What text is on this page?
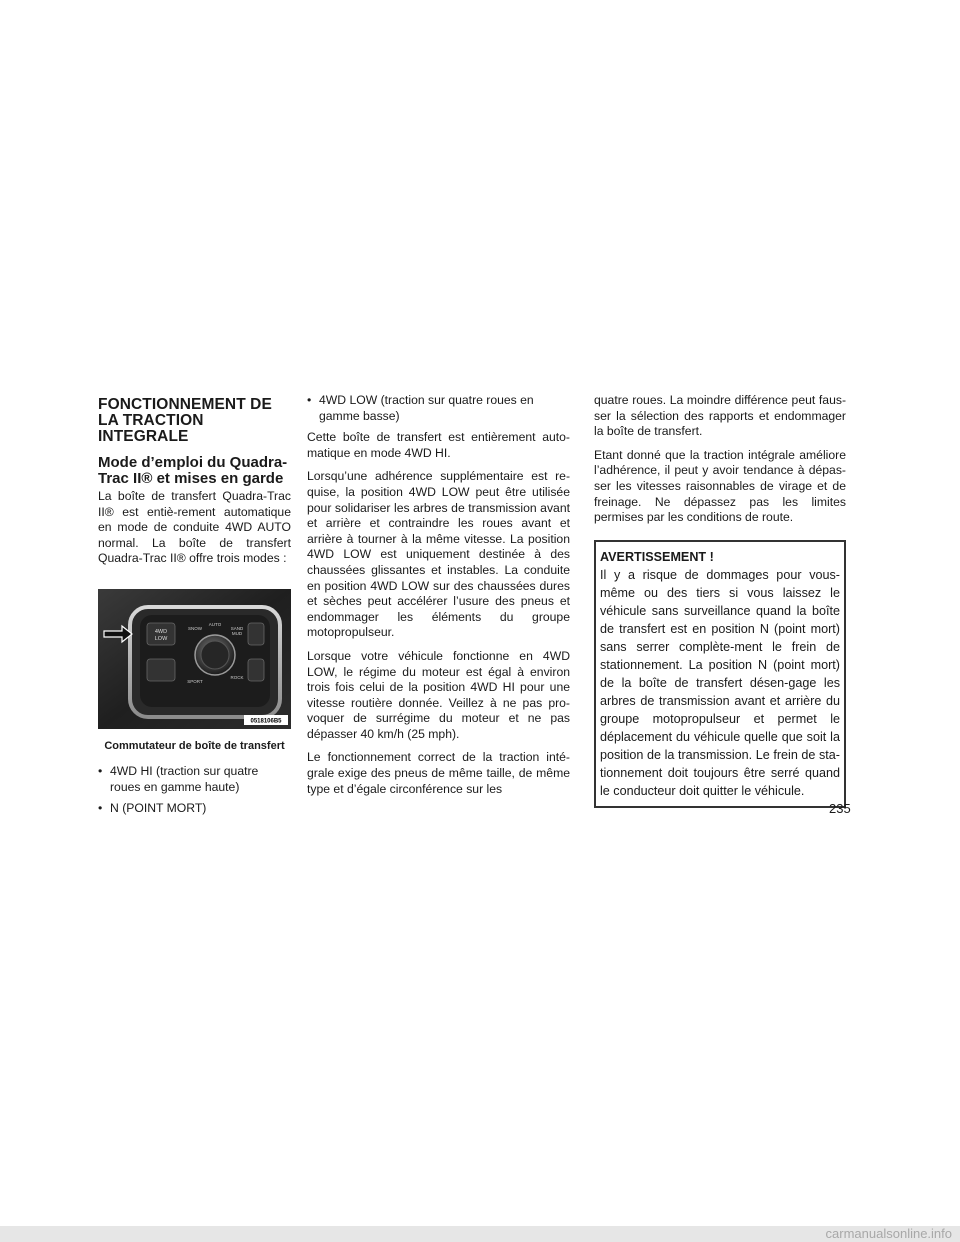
FONCTIONNEMENT DE LA TRACTION INTEGRALE
Mode d’emploi du Quadra-Trac II® et mises en garde

La boîte de transfert Quadra-Trac II® est entiè-rement automatique en mode de conduite 4WD AUTO normal. La boîte de transfert Quadra-Trac II® offre trois modes :

4WD
LOW
SNOW
AUTO
SAND
MUD
SPORT
ROCK
0518106B5
Commutateur de boîte de transfert
• 4WD HI (traction sur quatre roues en gamme haute)
• N (POINT MORT)
• 4WD LOW (traction sur quatre roues en gamme basse)

Cette boîte de transfert est entièrement auto-matique en mode 4WD HI.

Lorsqu’une adhérence supplémentaire est re-quise, la position 4WD LOW peut être utilisée pour solidariser les arbres de transmission avant et arrière et contraindre les roues avant et arrière à tourner à la même vitesse. La position 4WD LOW est uniquement destinée à des chaussées glissantes et instables. La conduite en position 4WD LOW sur des chaussées dures et sèches peut accélérer l’usure des pneus et endommager les éléments du groupe motopropulseur.

Lorsque votre véhicule fonctionne en 4WD LOW, le régime du moteur est égal à environ trois fois celui de la position 4WD HI pour une vitesse routière donnée. Veillez à ne pas pro-voquer de surrégime du moteur et ne pas dépasser 40 km/h (25 mph).

Le fonctionnement correct de la traction inté-grale exige des pneus de même taille, de même type et d’égale circonférence sur les

quatre roues. La moindre différence peut faus-ser la sélection des rapports et endommager la boîte de transfert.

Etant donné que la traction intégrale améliore l’adhérence, il peut y avoir tendance à dépas-ser les vitesses raisonnables de virage et de freinage. Ne dépassez pas les limites permises par les conditions de route.

AVERTISSEMENT !

Il y a risque de dommages pour vous-même ou des tiers si vous laissez le véhicule sans surveillance quand la boîte de transfert est en position N (point mort) sans serrer complète-ment le frein de stationnement. La position N (point mort) de la boîte de transfert désen-gage les arbres de transmission avant et arrière du groupe motopropulseur et permet le déplacement du véhicule quelle que soit la position de la transmission. Le frein de sta-tionnement doit toujours être serré quand le conducteur doit quitter le véhicule.

235
carmanualsonline.info
